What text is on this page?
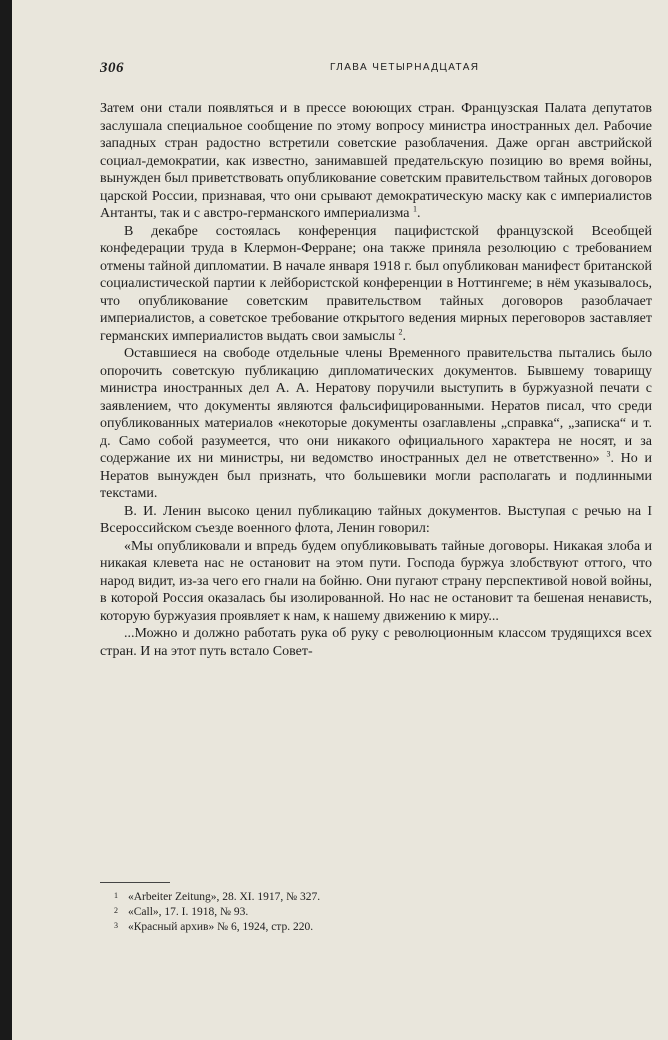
306	ГЛАВА ЧЕТЫРНАДЦАТАЯ

Затем они стали появляться и в прессе воюющих стран. Французская Палата депутатов заслушала специальное сообщение по этому вопросу министра иностранных дел. Рабочие западных стран радостно встретили советские разоблачения. Даже орган австрийской социал-демократии, как известно, занимавшей предательскую позицию во время войны, вынужден был приветствовать опубликование советским правительством тайных договоров царской России, признавая, что они срывают демократическую маску как с империалистов Антанты, так и с австро-германского империализма $^1$.

В декабре состоялась конференция пацифистской французской Всеобщей конфедерации труда в Клермон-Ферране; она также приняла резолюцию с требованием отмены тайной дипломатии. В начале января 1918 г. был опубликован манифест британской социалистической партии к лейбористской конференции в Ноттингеме; в нём указывалось, что опубликование советским правительством тайных договоров разоблачает империалистов, а советское требование открытого ведения мирных переговоров заставляет германских империалистов выдать свои замыслы $^2$.

Оставшиеся на свободе отдельные члены Временного правительства пытались было опорочить советскую публикацию дипломатических документов. Бывшему товарищу министра иностранных дел А. А. Нератову поручили выступить в буржуазной печати с заявлением, что документы являются фальсифицированными. Нератов писал, что среди опубликованных материалов «некоторые документы озаглавлены „справка“, „записка“ и т. д. Само собой разумеется, что они никакого официального характера не носят, и за содержание их ни министры, ни ведомство иностранных дел не ответственно» $^3$. Но и Нератов вынужден был признать, что большевики могли располагать и подлинными текстами.

В. И. Ленин высоко ценил публикацию тайных документов. Выступая с речью на I Всероссийском съезде военного флота, Ленин говорил:

«Мы опубликовали и впредь будем опубликовывать тайные договоры. Никакая злоба и никакая клевета нас не остановит на этом пути. Господа буржуа злобствуют оттого, что народ видит, из-за чего его гнали на бойню. Они пугают страну перспективой новой войны, в которой Россия оказалась бы изолированной. Но нас не остановит та бешеная ненависть, которую буржуазия проявляет к нам, к нашему движению к миру...

...Можно и должно работать рука об руку с революционным классом трудящихся всех стран. И на этот путь встало Совет-

1 «Arbeiter Zeitung», 28. XI. 1917, № 327.
2 «Call», 17. I. 1918, № 93.
3 «Красный архив» № 6, 1924, стр. 220.
